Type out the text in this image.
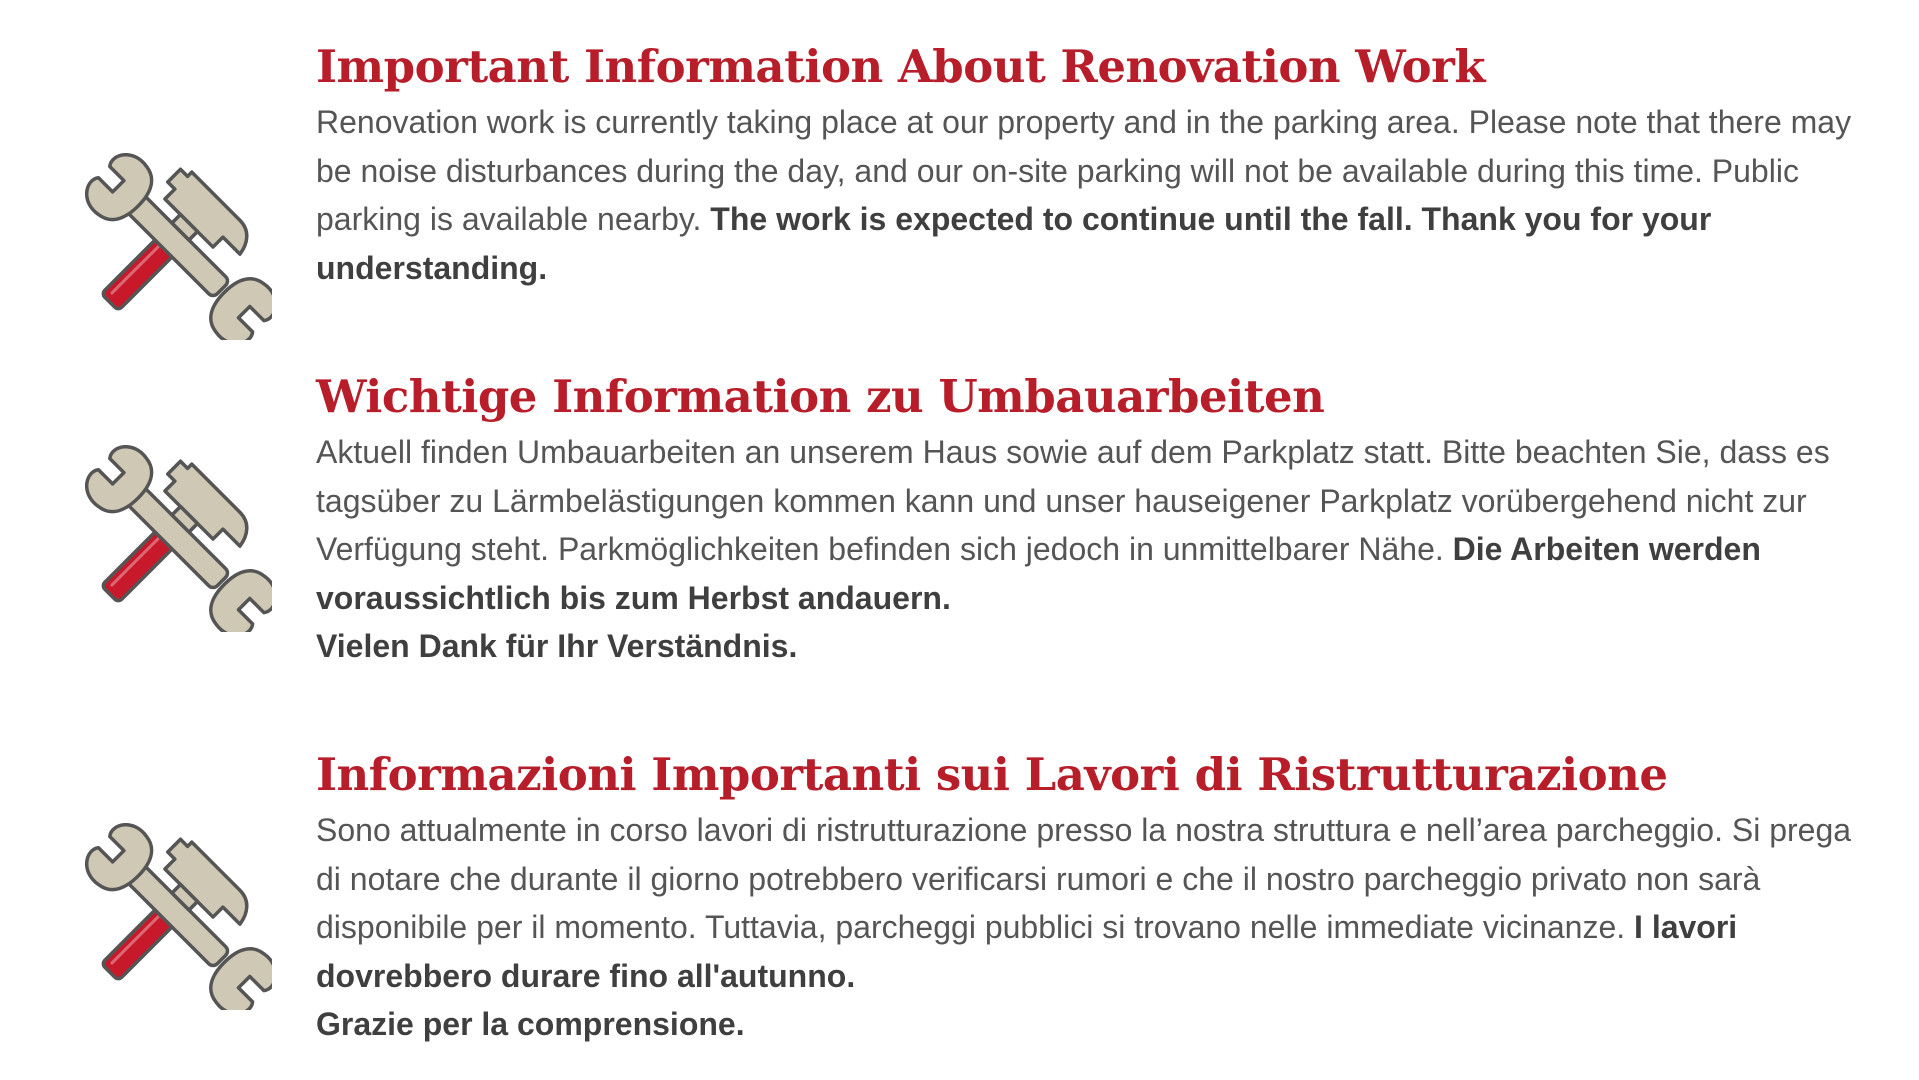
Important Information About Renovation Work

Renovation work is currently taking place at our property and in the parking area. Please note that there may be noise disturbances during the day, and our on-site parking will not be available during this time. Public parking is available nearby. The work is expected to continue until the fall. Thank you for your understanding.

Wichtige Information zu Umbauarbeiten

Aktuell finden Umbauarbeiten an unserem Haus sowie auf dem Parkplatz statt. Bitte beachten Sie, dass es tagsüber zu Lärmbelästigungen kommen kann und unser hauseigener Parkplatz vorübergehend nicht zur Verfügung steht. Parkmöglichkeiten befinden sich jedoch in unmittelbarer Nähe. Die Arbeiten werden voraussichtlich bis zum Herbst andauern.
Vielen Dank für Ihr Verständnis.

Informazioni Importanti sui Lavori di Ristrutturazione

Sono attualmente in corso lavori di ristrutturazione presso la nostra struttura e nell’area parcheggio. Si prega di notare che durante il giorno potrebbero verificarsi rumori e che il nostro parcheggio privato non sarà disponibile per il momento. Tuttavia, parcheggi pubblici si trovano nelle immediate vicinanze. I lavori dovrebbero durare fino all'autunno.
Grazie per la comprensione.
